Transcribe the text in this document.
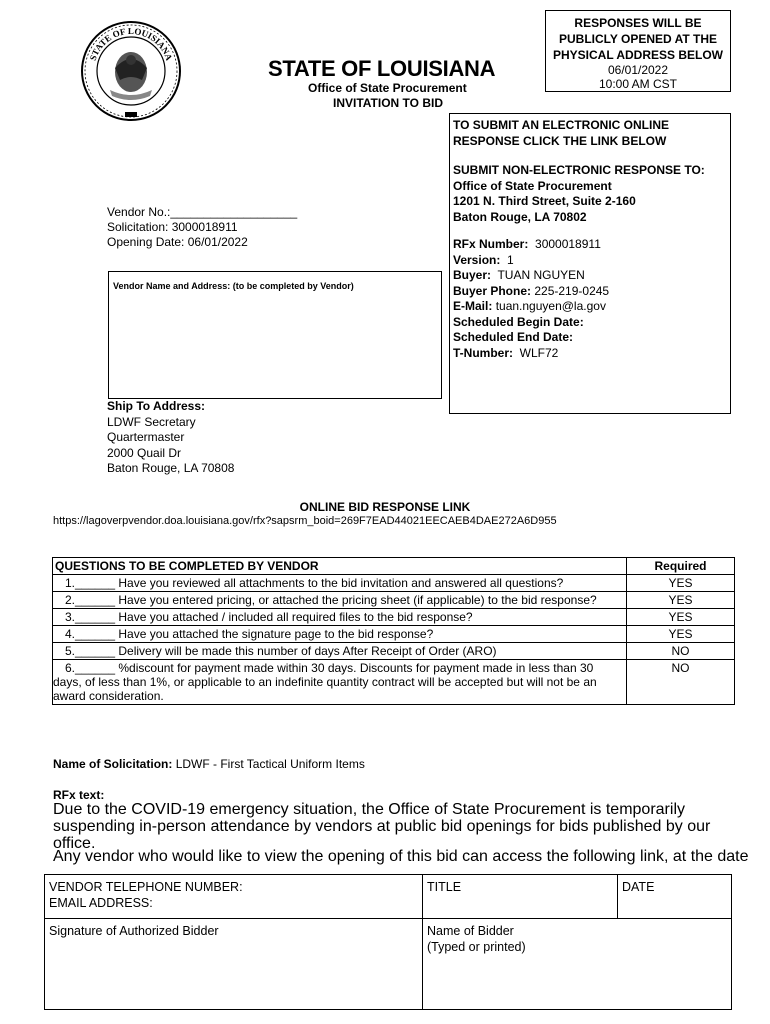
STATE OF LOUISIANA	STATE OF LOUISIANA
Office of State Procurement
INVITATION TO BID
RESPONSES WILL BE
PUBLICLY OPENED AT THE
PHYSICAL ADDRESS BELOW
06/01/2022
10:00 AM CST
TO SUBMIT AN ELECTRONIC ONLINE
RESPONSE CLICK THE LINK BELOW
SUBMIT NON-ELECTRONIC RESPONSE TO:
Office of State Procurement
1201 N. Third Street, Suite 2-160
Baton Rouge, LA 70802
RFx Number: 3000018911
Version: 1
Buyer: TUAN NGUYEN
Buyer Phone: 225-219-0245
E-Mail: tuan.nguyen@la.gov
Scheduled Begin Date:
Scheduled End Date:
T-Number: WLF72
Vendor No.:___________________
Solicitation: 3000018911
Opening Date: 06/01/2022
Vendor Name and Address: (to be completed by Vendor)
Ship To Address:
LDWF Secretary
Quartermaster
2000 Quail Dr
Baton Rouge, LA 70808
ONLINE BID RESPONSE LINK
https://lagoverpvendor.doa.louisiana.gov/rfx?sapsrm_boid=269F7EAD44021EECAEB4DAE272A6D955
QUESTIONS TO BE COMPLETED BY VENDOR	Required
1.______ Have you reviewed all attachments to the bid invitation and answered all questions?	YES

2.______ Have you entered pricing, or attached the pricing sheet (if applicable) to the bid response?	YES
3.______ Have you attached / included all required files to the bid response?	YES
4.______ Have you attached the signature page to the bid response?	YES
5.______ Delivery will be made this number of days After Receipt of Order (ARO)	NO

6.______ %discount for payment made within 30 days. Discounts for payment made in less than 30 days, of less than 1%, or applicable to an indefinite quantity contract will be accepted but will not be an award consideration.	NO
Name of Solicitation: LDWF - First Tactical Uniform Items
RFx text:
Due to the COVID-19 emergency situation, the Office of State Procurement is temporarily suspending in-person attendance by vendors at public bid openings for bids published by our office.
Any vendor who would like to view the opening of this bid can access the following link, at the date
VENDOR TELEPHONE NUMBER:
EMAIL ADDRESS:
TITLE	DATE
Signature of Authorized Bidder	Name of Bidder
(Typed or printed)
